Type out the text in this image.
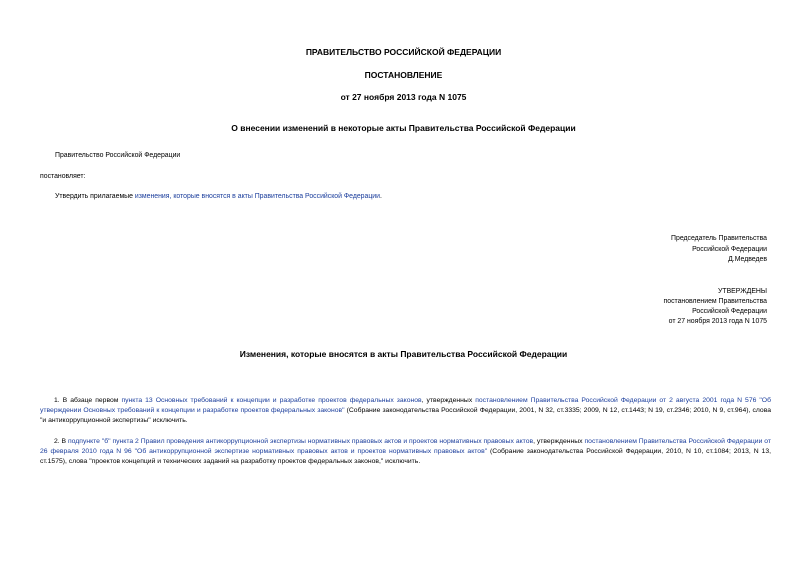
ПРАВИТЕЛЬСТВО РОССИЙСКОЙ ФЕДЕРАЦИИ

ПОСТАНОВЛЕНИЕ

от 27 ноября 2013 года N 1075

О внесении изменений в некоторые акты Правительства Российской Федерации

Правительство Российской Федерации

постановляет:

Утвердить прилагаемые изменения, которые вносятся в акты Правительства Российской Федерации.

Председатель Правительства

Российской Федерации

Д.Медведев

УТВЕРЖДЕНЫ

постановлением Правительства

Российской Федерации

от 27 ноября 2013 года N 1075

Изменения, которые вносятся в акты Правительства Российской Федерации

1. В абзаце первом пункта 13 Основных требований к концепции и разработке проектов федеральных законов, утвержденных постановлением Правительства Российской Федерации от 2 августа 2001 года N 576 "Об утверждении Основных требований к концепции и разработке проектов федеральных законов" (Собрание законодательства Российской Федерации, 2001, N 32, ст.3335; 2009, N 12, ст.1443; N 19, ст.2346; 2010, N 9, ст.964), слова "и антикоррупционной экспертизы" исключить.

2. В подпункте "б" пункта 2 Правил проведения антикоррупционной экспертизы нормативных правовых актов и проектов нормативных правовых актов, утвержденных постановлением Правительства Российской Федерации от 26 февраля 2010 года N 96 "Об антикоррупционной экспертизе нормативных правовых актов и проектов нормативных правовых актов" (Собрание законодательства Российской Федерации, 2010, N 10, ст.1084; 2013, N 13, ст.1575), слова "проектов концепций и технических заданий на разработку проектов федеральных законов," исключить.
